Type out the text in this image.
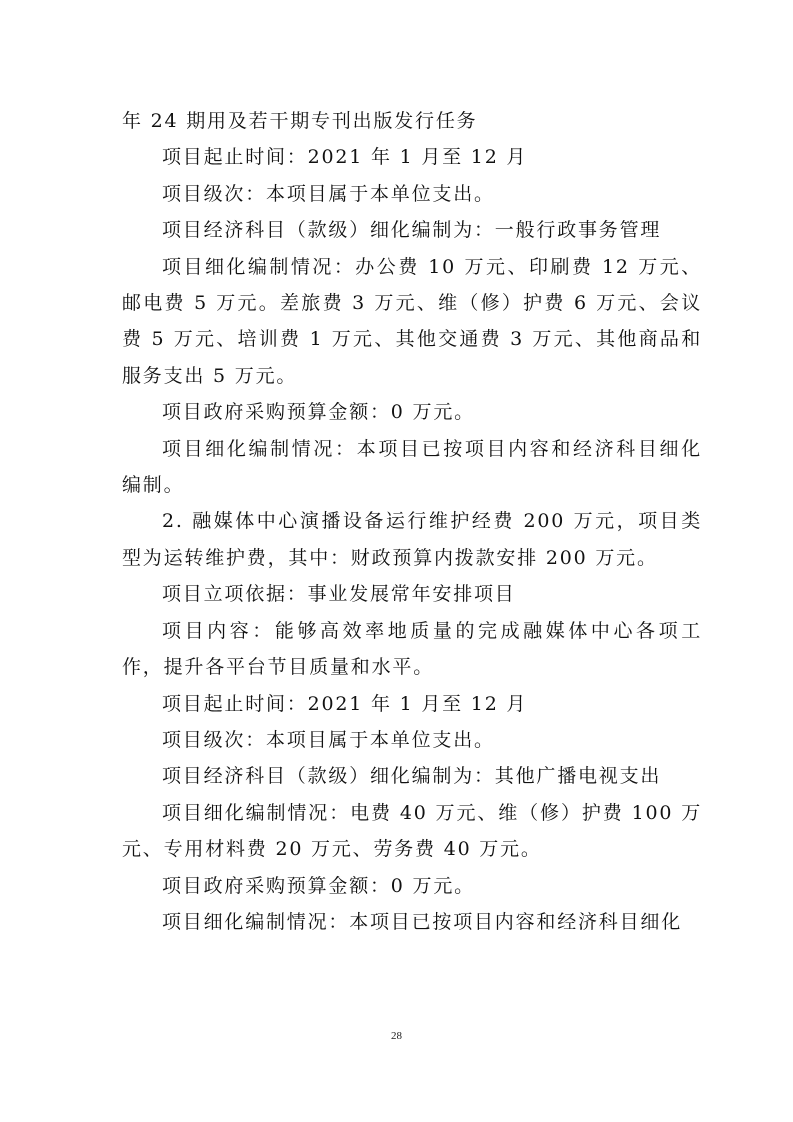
年 24 期用及若干期专刊出版发行任务

项目起止时间：2021 年 1 月至 12 月

项目级次：本项目属于本单位支出。

项目经济科目（款级）细化编制为：一般行政事务管理

项目细化编制情况：办公费 10 万元、印刷费 12 万元、邮电费 5 万元。差旅费 3 万元、维（修）护费 6 万元、会议费 5 万元、培训费 1 万元、其他交通费 3 万元、其他商品和服务支出 5 万元。

项目政府采购预算金额：0 万元。

项目细化编制情况：本项目已按项目内容和经济科目细化编制。

2. 融媒体中心演播设备运行维护经费 200 万元，项目类型为运转维护费，其中：财政预算内拨款安排 200 万元。

项目立项依据：事业发展常年安排项目

项目内容：能够高效率地质量的完成融媒体中心各项工作，提升各平台节目质量和水平。

项目起止时间：2021 年 1 月至 12 月

项目级次：本项目属于本单位支出。

项目经济科目（款级）细化编制为：其他广播电视支出

项目细化编制情况：电费 40 万元、维（修）护费 100 万元、专用材料费 20 万元、劳务费 40 万元。

项目政府采购预算金额：0 万元。

项目细化编制情况：本项目已按项目内容和经济科目细化

28
